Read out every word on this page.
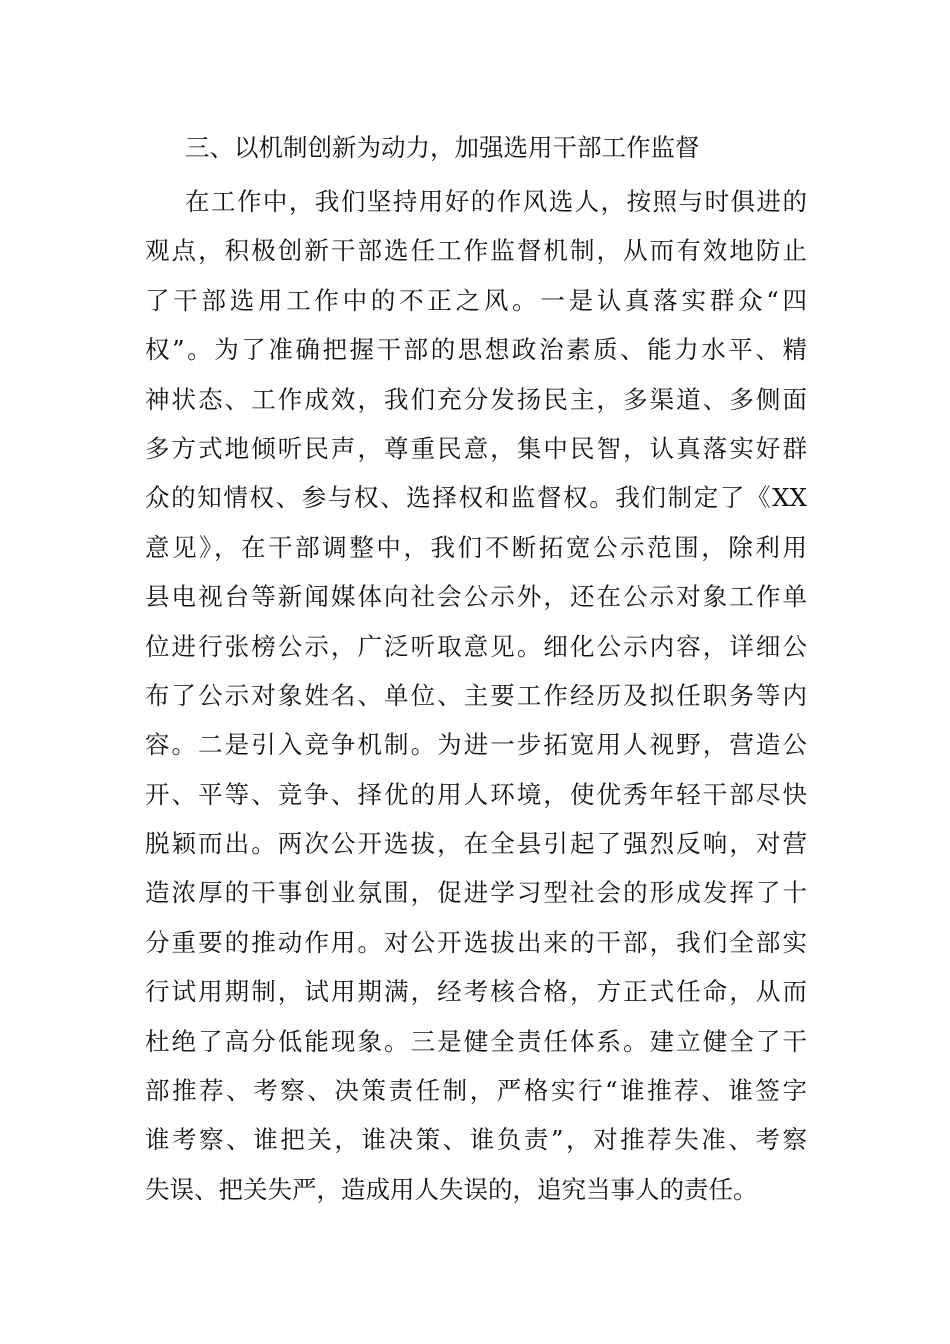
三、以机制创新为动力，加强选用干部工作监督
在工作中，我们坚持用好的作风选人，按照与时俱进的
观点，积极创新干部选任工作监督机制，从而有效地防止
了干部选用工作中的不正之风。一是认真落实群众“四
权”。为了准确把握干部的思想政治素质、能力水平、精
神状态、工作成效，我们充分发扬民主，多渠道、多侧面
多方式地倾听民声，尊重民意，集中民智，认真落实好群
众的知情权、参与权、选择权和监督权。我们制定了《XX
意见》，在干部调整中，我们不断拓宽公示范围，除利用
县电视台等新闻媒体向社会公示外，还在公示对象工作单
位进行张榜公示，广泛听取意见。细化公示内容，详细公
布了公示对象姓名、单位、主要工作经历及拟任职务等内
容。二是引入竞争机制。为进一步拓宽用人视野，营造公
开、平等、竞争、择优的用人环境，使优秀年轻干部尽快
脱颖而出。两次公开选拔，在全县引起了强烈反响，对营
造浓厚的干事创业氛围，促进学习型社会的形成发挥了十
分重要的推动作用。对公开选拔出来的干部，我们全部实
行试用期制，试用期满，经考核合格，方正式任命，从而
杜绝了高分低能现象。三是健全责任体系。建立健全了干
部推荐、考察、决策责任制，严格实行“谁推荐、谁签字
谁考察、谁把关，谁决策、谁负责”，对推荐失准、考察
失误、把关失严，造成用人失误的，追究当事人的责任。
